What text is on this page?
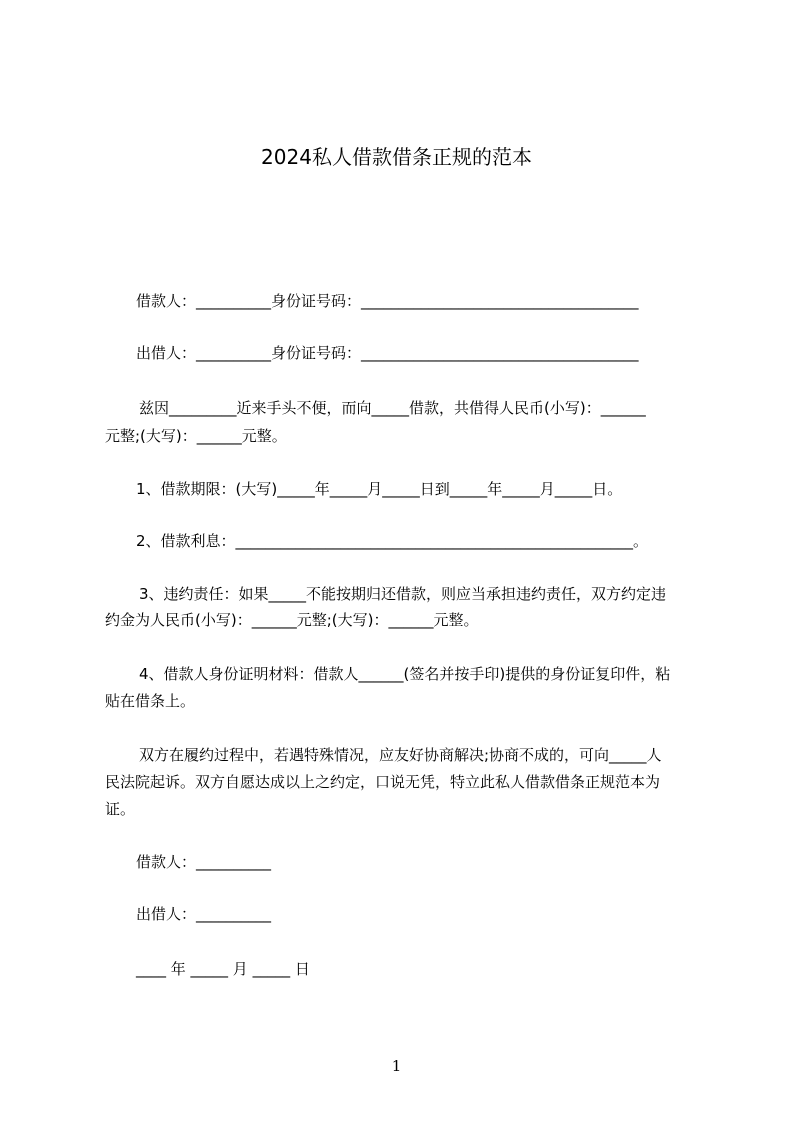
2024私人借款借条正规的范本
借款人：__________身份证号码：_____________________________________
出借人：__________身份证号码：_____________________________________
兹因_________近来手头不便，而向_____借款，共借得人民币(小写)：______
元整;(大写)：______元整。
1、借款期限：(大写)_____年_____月_____日到_____年_____月_____日。
2、借款利息：_____________________________________________________。
3、违约责任：如果_____不能按期归还借款，则应当承担违约责任，双方约定违
约金为人民币(小写)：______元整;(大写)：______元整。
4、借款人身份证明材料：借款人______(签名并按手印)提供的身份证复印件，粘
贴在借条上。
双方在履约过程中，若遇特殊情况，应友好协商解决;协商不成的，可向_____人
民法院起诉。双方自愿达成以上之约定，口说无凭，特立此私人借款借条正规范本为
证。
借款人：__________
出借人：__________
____ 年 _____ 月 _____ 日
1
